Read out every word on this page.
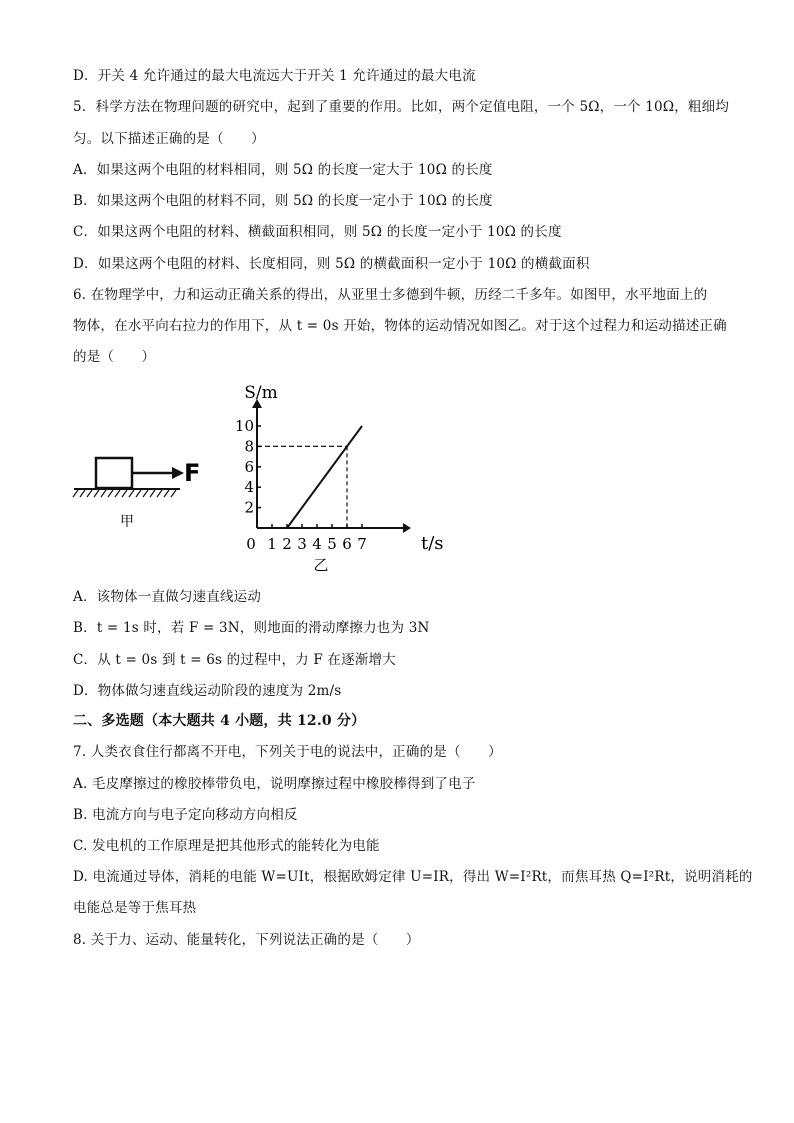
D．开关 4 允许通过的最大电流远大于开关 1 允许通过的最大电流
5．科学方法在物理问题的研究中，起到了重要的作用。比如，两个定值电阻，一个 5Ω，一个 10Ω，粗细均
匀。以下描述正确的是（　　）
A．如果这两个电阻的材料相同，则 5Ω 的长度一定大于 10Ω 的长度
B．如果这两个电阻的材料不同，则 5Ω 的长度一定小于 10Ω 的长度
C．如果这两个电阻的材料、横截面积相同，则 5Ω 的长度一定小于 10Ω 的长度
D．如果这两个电阻的材料、长度相同，则 5Ω 的横截面积一定小于 10Ω 的横截面积
6. 在物理学中，力和运动正确关系的得出，从亚里士多德到牛顿，历经二千多年。如图甲，水平地面上的
物体，在水平向右拉力的作用下，从 t = 0s 开始，物体的运动情况如图乙。对于这个过程力和运动描述正确
的是（　　）
F
甲
S/m
t/s
0 1 2 3 4 5 6 7
2
4
6
8
10
乙
A．该物体一直做匀速直线运动
B．t = 1s 时，若 F = 3N，则地面的滑动摩擦力也为 3N
C．从 t = 0s 到 t = 6s 的过程中，力 F 在逐渐增大
D．物体做匀速直线运动阶段的速度为 2m/s
二、多选题（本大题共 4 小题，共 12.0 分）
7. 人类衣食住行都离不开电，下列关于电的说法中，正确的是（　　）
A. 毛皮摩擦过的橡胶棒带负电，说明摩擦过程中橡胶棒得到了电子
B. 电流方向与电子定向移动方向相反
C. 发电机的工作原理是把其他形式的能转化为电能
D. 电流通过导体，消耗的电能 W=UIt，根据欧姆定律 U=IR，得出 W=I²Rt，而焦耳热 Q=I²Rt，说明消耗的
电能总是等于焦耳热
8. 关于力、运动、能量转化，下列说法正确的是（　　）
